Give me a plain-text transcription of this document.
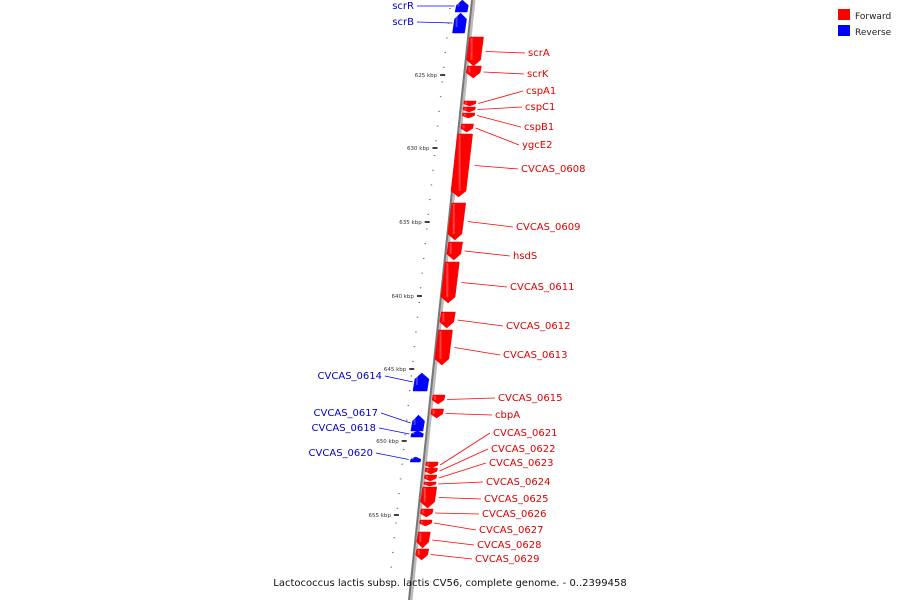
625 kbp
630 kbp
635 kbp
640 kbp
645 kbp
650 kbp
655 kbp
scrA
scrK
cspA1
cspC1
cspB1
ygcE2
CVCAS_0608
CVCAS_0609
hsdS
CVCAS_0611
CVCAS_0612
CVCAS_0613
CVCAS_0615
cbpA
CVCAS_0621
CVCAS_0622
CVCAS_0623
CVCAS_0624
CVCAS_0625
CVCAS_0626
CVCAS_0627
CVCAS_0628
CVCAS_0629
scrR
scrB
CVCAS_0614
CVCAS_0617
CVCAS_0618
CVCAS_0620
Forward
Reverse
Lactococcus lactis subsp. lactis CV56, complete genome. - 0..2399458
